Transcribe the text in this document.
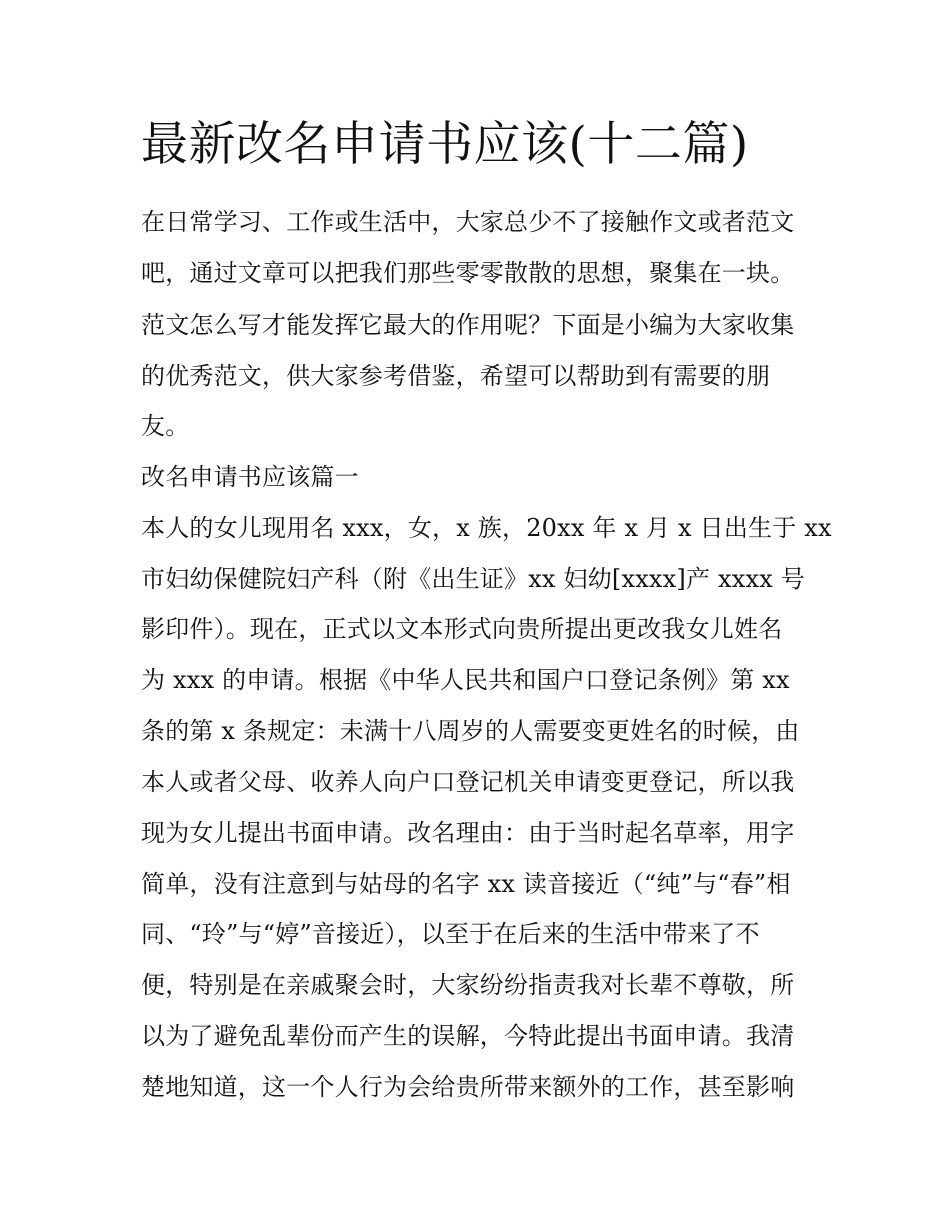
最新改名申请书应该(十二篇)

在日常学习、工作或生活中，大家总少不了接触作文或者范文

吧，通过文章可以把我们那些零零散散的思想，聚集在一块。

范文怎么写才能发挥它最大的作用呢？下面是小编为大家收集

的优秀范文，供大家参考借鉴，希望可以帮助到有需要的朋

友。

改名申请书应该篇一

本人的女儿现用名 xxx，女，x 族，20xx 年 x 月 x 日出生于 xx

市妇幼保健院妇产科（附《出生证》xx 妇幼[xxxx]产 xxxx 号

影印件）。现在，正式以文本形式向贵所提出更改我女儿姓名

为 xxx 的申请。根据《中华人民共和国户口登记条例》第 xx

条的第 x 条规定：未满十八周岁的人需要变更姓名的时候，由

本人或者父母、收养人向户口登记机关申请变更登记，所以我

现为女儿提出书面申请。改名理由：由于当时起名草率，用字

简单，没有注意到与姑母的名字 xx 读音接近（“纯”与“春”相

同、“玲”与“婷”音接近），以至于在后来的生活中带来了不

便，特别是在亲戚聚会时，大家纷纷指责我对长辈不尊敬，所

以为了避免乱辈份而产生的误解，今特此提出书面申请。我清

楚地知道，这一个人行为会给贵所带来额外的工作，甚至影响
